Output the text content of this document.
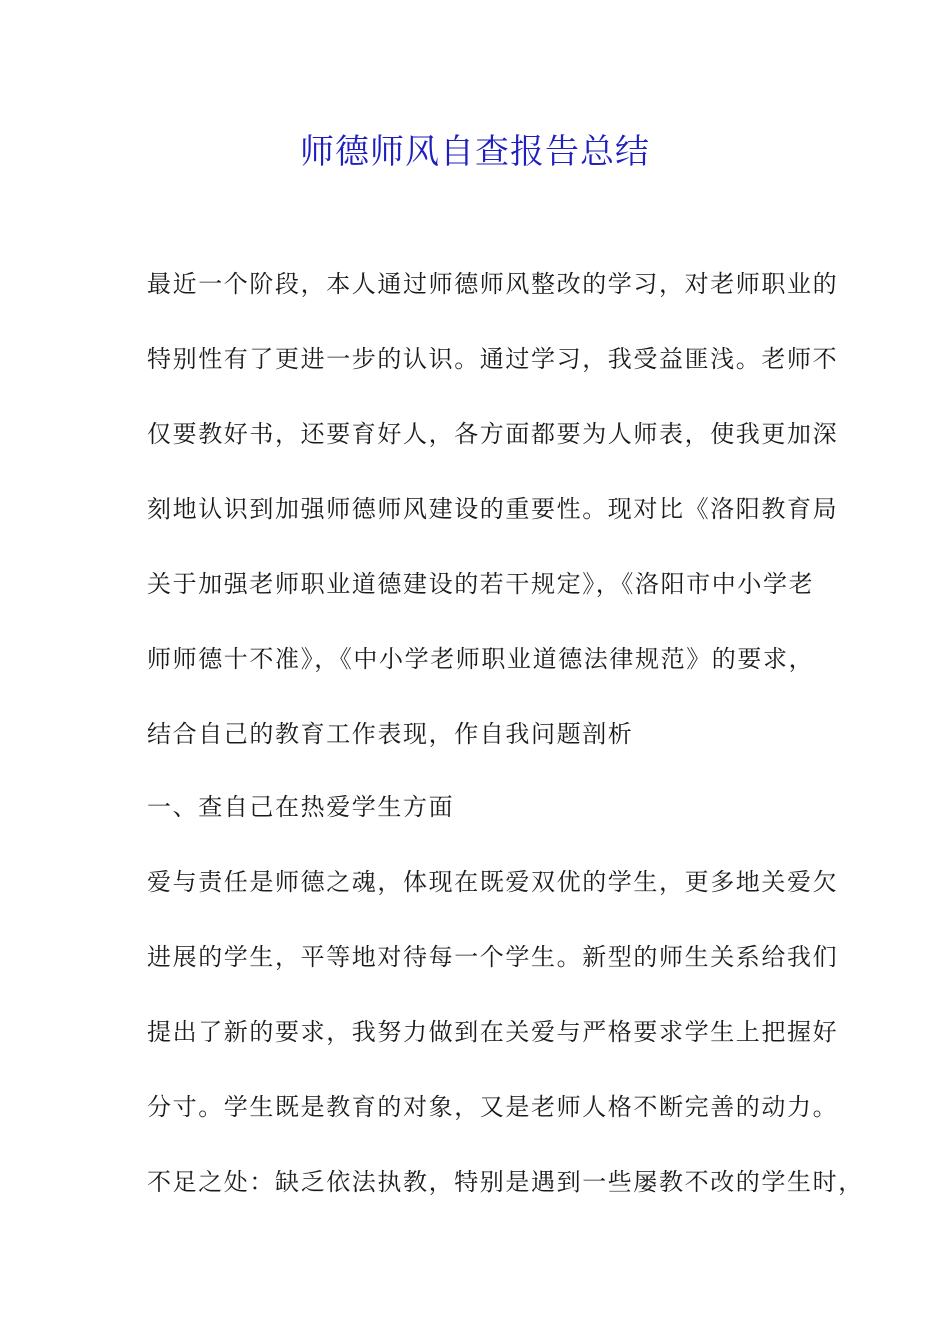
师德师风自查报告总结
最近一个阶段，本人通过师德师风整改的学习，对老师职业的
特别性有了更进一步的认识。通过学习，我受益匪浅。老师不
仅要教好书，还要育好人，各方面都要为人师表，使我更加深
刻地认识到加强师德师风建设的重要性。现对比《洛阳教育局
关于加强老师职业道德建设的若干规定》，《洛阳市中小学老
师师德十不准》，《中小学老师职业道德法律规范》的要求，
结合自己的教育工作表现，作自我问题剖析
一、查自己在热爱学生方面
爱与责任是师德之魂，体现在既爱双优的学生，更多地关爱欠
进展的学生，平等地对待每一个学生。新型的师生关系给我们
提出了新的要求，我努力做到在关爱与严格要求学生上把握好
分寸。学生既是教育的对象，又是老师人格不断完善的动力。
不足之处：缺乏依法执教，特别是遇到一些屡教不改的学生时，
